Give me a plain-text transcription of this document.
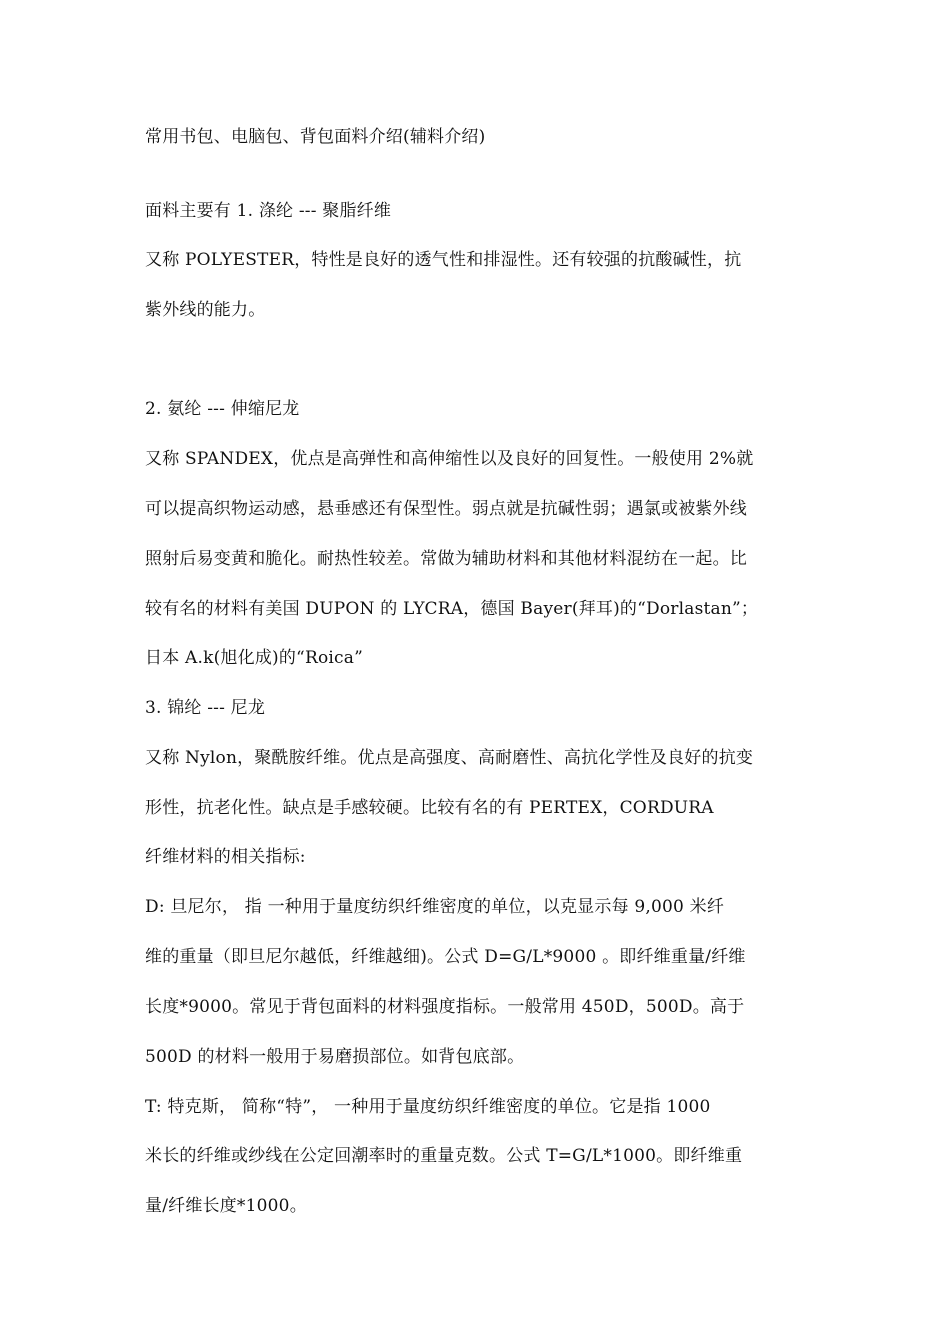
常用书包、电脑包、背包面料介绍(辅料介绍)
面料主要有 1. 涤纶 --- 聚脂纤维
又称 POLYESTER，特性是良好的透气性和排湿性。还有较强的抗酸碱性，抗
紫外线的能力。
2. 氨纶 --- 伸缩尼龙
又称 SPANDEX，优点是高弹性和高伸缩性以及良好的回复性。一般使用 2%就
可以提高织物运动感，悬垂感还有保型性。弱点就是抗碱性弱；遇氯或被紫外线
照射后易变黄和脆化。耐热性较差。常做为辅助材料和其他材料混纺在一起。比
较有名的材料有美国 DUPON 的 LYCRA，德国 Bayer(拜耳)的“Dorlastan”；
日本 A.k(旭化成)的“Roica”
3. 锦纶 --- 尼龙
又称 Nylon，聚酰胺纤维。优点是高强度、高耐磨性、高抗化学性及良好的抗变
形性，抗老化性。缺点是手感较硬。比较有名的有 PERTEX，CORDURA
纤维材料的相关指标:
D: 旦尼尔， 指 一种用于量度纺织纤维密度的单位，以克显示每 9,000 米纤
维的重量（即旦尼尔越低，纤维越细)。公式 D=G/L*9000 。即纤维重量/纤维
长度*9000。常见于背包面料的材料强度指标。一般常用 450D，500D。高于
500D 的材料一般用于易磨损部位。如背包底部。
T: 特克斯， 简称“特”， 一种用于量度纺织纤维密度的单位。它是指 1000
米长的纤维或纱线在公定回潮率时的重量克数。公式 T=G/L*1000。即纤维重
量/纤维长度*1000。
